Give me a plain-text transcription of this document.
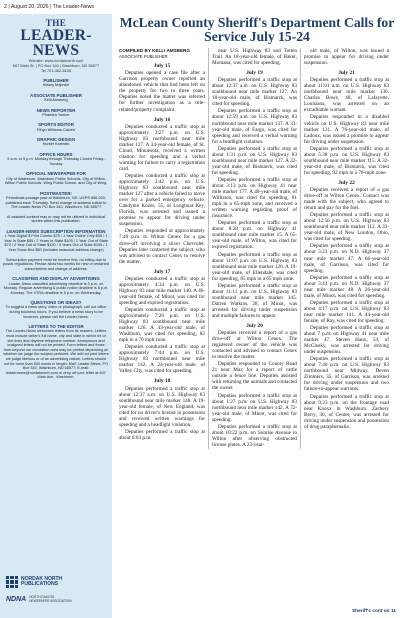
2 | August 20, 2026 | The Leader-News
THE
LEADER-NEWS
Website: www.nordaknorth.com
607 Main St. | PO Box 340 | Washburn, ND 58577
Tel 701-462-8126
PUBLISHER
Kelsey Majeske
ASSOCIATE PUBLISHER
Kelli Amsberg
NEWS REPORTER
Phaedra Yunker
SPORTS EDITOR
Ethyn Williams-Calvert
GRAPHIC DESIGN
Hunter Kamrath
OFFICE HOURS
9 a.m. to 5 p.m. Monday through Thursday Closed Friday-Sunday
OFFICIAL NEWSPAPER FOR
City of Washburn, Washburn Public Schools, City of Wilton, Wilton Public Schools, Wing Public School, and City of Wing.
POSTMASTER:
Periodicals postage paid at Washburn, ND, USPS 666-920, published each Thursday. Send change of address notice to The Leader-News PO Box 340, Washburn, ND 58577
AI assisted content may or may not be utilized in individual stories within this publication.
LEADER-NEWS SUBSCRIPTION INFORMATION
1 Year Digital $ Print Combo $75 / 1 Year Online Only $35 / 1 Year In State $55 / 2 Years In State $105 / 1 Year Out of State $70 / 2 Year Out of State $130 / 3 Years Out of State $195 / 1 Year Snow Bird $80 (includes seasonal address change)
Subscription payment must be receive first, no billing due to postal regulations. Please allow two weeks for new or restarted subscriptions and change of address.
CLASSIFIED AND DISPLAY ADVERTISING
Leader-News classified advertising deadline is 3 p.m. on Monday. Regular advertising & public notice deadline is 5 p.m. Monday. The XTRA deadline is 5 p.m. on Wednesday.
QUESTIONS OR IDEAS?
To suggest a news story, video or photograph, call our office during business hours. If you believe a news story to be incorrect, please call the Leader-News.
LETTERS TO THE EDITOR
The Leader-News welcomes letters from its readers. Letters must include writer's full name, city and state in which he or she lives and daytime telephone number. Anonymous and unsigned letters will not be printed. Form letters and those from beyond our circulation area may be printed depending on whether we judge the subject pertinent. We will not print letters we judge libelous or of an advertising nature. Letters should not be more than 500 words in length. Mail: Leader-News, PO Box 340, Washburn, ND 58577; E-mail: leadernews@nordaknorth.com or drop off your letter at 607 Main Ave., Washburn.
NORDAK NORTH
PUBLICATIONS
NDNA NORTH DAKOTA
NEWSPAPER ASSOCIATION
McLean County Sheriff's Department Calls for Service July 15-24
COMPILED BY KELLI AMSBERG
ASSOCIATE PUBLISHER
July 15
Deputies opened a case file after a Garrison property owner reported an abandoned vehicle that had been left on the property for two to three years. Deputies noted the matter was referred for further investigation as a title-related/property complaint.
July 16
Deputies conducted a traffic stop at approximately 3:27 p.m. on U.S. Highway 83 northbound near mile marker 127. A 34-year-old female, of St. Cloud, Minnesota, received a written citation for speeding and a verbal warning for failure to carry a registration card.
Deputies conducted a traffic stop at approximately 3:42 p.m. on U.S. Highway 83 southbound near mile marker 127 after a vehicle failed to move over for a parked emergency vehicle. Candymn Kozes, 55, of Longboat Key, Florida, was arrested and issued a promise to appear for driving under suspension.
Deputies responded at approximately 7:40 p.m. to Wilton Cenex for a gas drive-off involving a silver Chevrolet. Deputies later contacted the subject, who was advised to contact Cenex to resolve the matter.
July 17
Deputies conducted a traffic stop at approximately 4:34 p.m. on U.S. Highway 83 near mile marker 140. A 46-year-old female, of Minot, was cited for speeding and expired registration.
Deputies conducted a traffic stop at approximately 7:26 p.m. on U.S. Highway 83 southbound near mile marker 126. A 43-year-old male, of Washburn, was cited for speeding, 82 mph in a 70 mph zone.
Deputies conducted a traffic stop at approximately 7:44 p.m. on U.S. Highway 83 northbound near mile marker 142. A 24-year-old male, of Valley City, was cited for speeding.
July 18
Deputies performed a traffic stop at about 12:37 a.m. on U.S. Highway 83 southbound near mile marker 148. A 19-year-old female, of New England, was cited for no driver's license in possession and received written warnings for speeding and a headlight violation.
Deputies performed a traffic stop at about 6:03 p.m.
near U.S. Highway 83 and Totten Trail. An 18-year-old female, of Baker, Montana, was cited for speeding.
July 19
Deputies performed a traffic stop at about 12:37 a.m. on U.S. Highway 83 southbound near mile marker 127. An 18-year-old male, of Bismarck, was cited for speeding.
Deputies performed a traffic stop at about 12:59 a.m. on U.S. Highway 83 northbound near mile marker 137. A 33-year-old male, of Fargo, was cited for speeding and received a verbal warning for a headlight violation.
Deputies performed a traffic stop at about 1:31 p.m. on U.S. Highway 83 southbound near mile marker 127. A 32-year-old male, of Bismarck, was cited for speeding.
Deputies performed a traffic stop at about 3:13 p.m. on Highway 41 near mile marker 177. A 40-year-old male, of Williston, was cited for speeding, 81 mph in a 65-mph zone, and received a written warning regarding proof of insurance.
Deputies performed a traffic stop at about 8:28 p.m. on Highway 41 southbound near mile marker 15. A 65-year-old male, of Wilton, was cited for expired registration.
Deputies performed a traffic stop at about 11:07 p.m. on U.S. Highway 83 southbound near mile marker 126. A 19-year-old male, of Ellendale, was cited for speeding, 85 mph in a 65 mph zone.
Deputies performed a traffic stop at about 11:11 p.m. on U.S. Highway 83 southbound near mile marker 145. Darren Watkins, 28, of Minot, was arrested for driving under suspension and multiple failures to appear.
July 20
Deputies received a report of a gas drive-off at Wilton Cenex. The registered owner of the vehicle was contacted and advised to contact Cenex to resolve the matter.
Deputies responded to County Road 21 near Max for a report of cattle outside a fence line. Deputies assisted with returning the animals and contacted the owner.
Deputies performed a traffic stop at about 1:27 p.m. on U.S. Highway 83 northbound near mile marker 142. A 72-year-old male, of Minot, was cited for speeding.
Deputies performed a traffic stop at about 10:22 p.m. on Sunrise Avenue in Wilton after observing obstructed license plates. A 23-year-
old male, of Wilton, was issued a promise to appear for driving under suspension.
July 21
Deputies performed a traffic stop at about 11:01 a.m. on U.S. Highway 83 northbound near mile marker 136. Charles Bowe, 48, of Lafayette, Louisiana, was arrested on an extraditable warrant.
Deputies responded to a disabled vehicle on U.S. Highway 83 near mile marker 131. A 76-year-old male, of Ladoux, was issued a promise to appear for driving under suspension.
Deputies performed a traffic stop at about 5:38 p.m. on U.S. Highway 83 southbound near mile marker 115. A 32-year-old male, of Bismarck, was cited for speeding, 92 mph in a 70-mph zone.
July 22
Deputies received a report of a gas drive-off at Wilton Cenex. Contact was made with the subject, who agreed to return and pay for the fuel.
Deputies performed a traffic stop at about 12:50 p.m. on U.S. Highway 83 southbound near mile marker 112. A 33-year-old male, of New London, Ohio, was cited for speeding.
Deputies performed a traffic stop at about 3:23 p.m. on N.D. Highway 37 near mile marker 47. A 66-year-old male, of Garrison, was cited for speeding.
Deputies performed a traffic stop at about 3:43 p.m. on N.D. Highway 37 near mile marker 48. A 26-year-old male, of Minot, was cited for speeding.
Deputies performed a traffic stop at about 4:17 p.m. on U.S. Highway 83 near mile marker 141. A 44-year-old female, of Ray, was cited for speeding.
Deputies performed a traffic stop at about 7 p.m. on Highway 41 near mile marker 47. Steven Haux, 53, of McClusky, was arrested for driving under suspension.
Deputies performed a traffic stop at about 7:40 p.m. on U.S. Highway 83 northbound near Midway. Deven Zimmers, 35, of Garrison, was arrested for driving under suspension and two failure-to-appear warrants.
Deputies performed a traffic stop at about 9:23 p.m. on the frontage road near Knoxx in Washburn. Zachery Berry, 30, of Center, was arrested for driving under suspension and possession of drug paraphernalia.
Sheriff's cont on 11
